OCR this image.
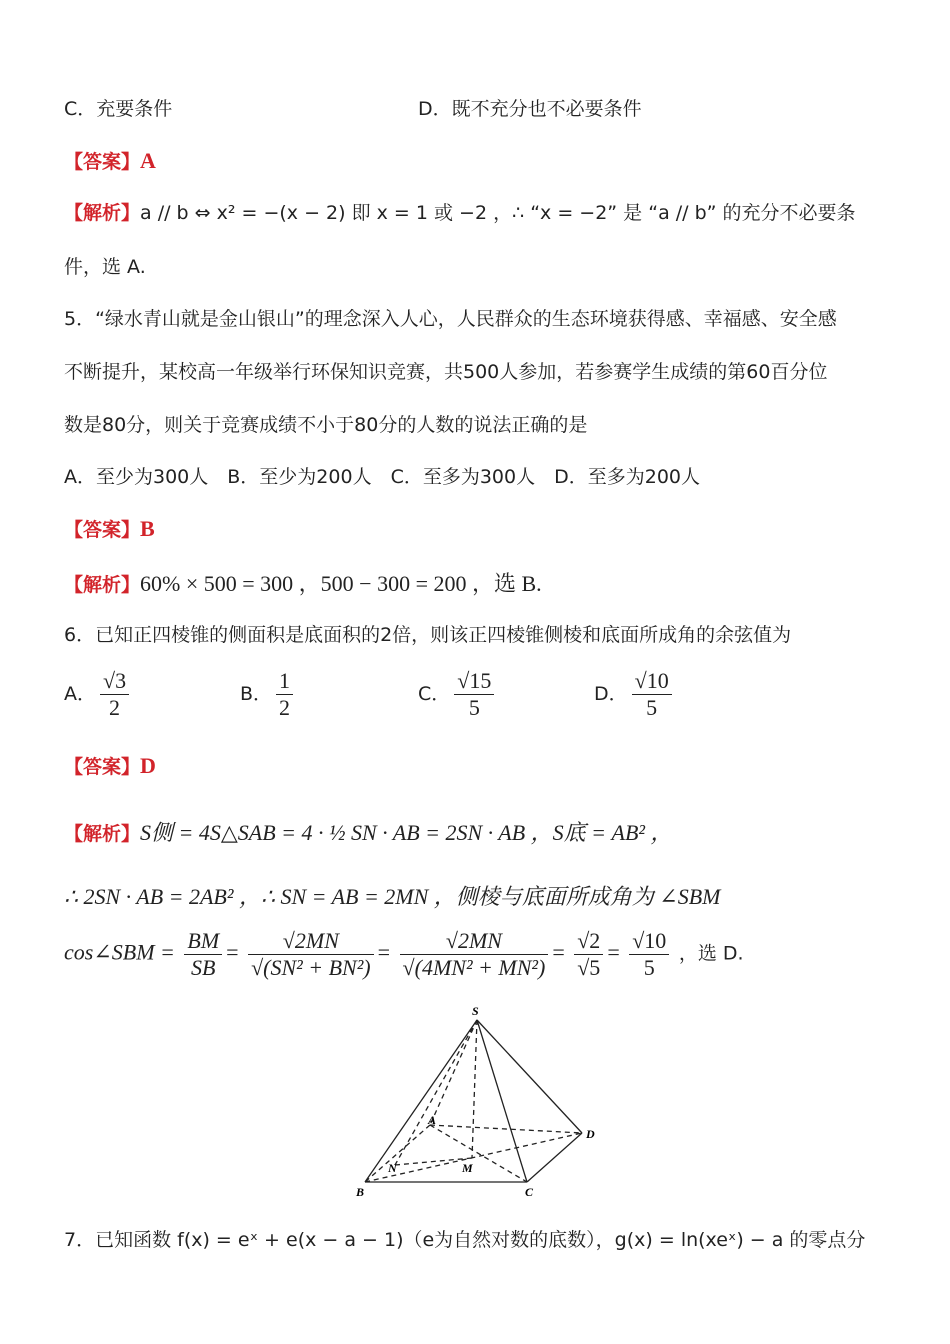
C．充要条件	D．既不充分也不必要条件
【答案】A
【解析】a // b ⇔ x² = −(x − 2) 即 x = 1 或 −2 ，∴ “x = −2” 是 “a // b” 的充分不必要条
件，选 A.
5．“绿水青山就是金山银山”的理念深入人心，人民群众的生态环境获得感、幸福感、安全感
不断提升，某校高一年级举行环保知识竞赛，共500人参加，若参赛学生成绩的第60百分位
数是80分，则关于竞赛成绩不小于80分的人数的说法正确的是
A．至少为300人　B．至少为200人　C．至多为300人　D．至多为200人
【答案】B
【解析】60% × 500 = 300 ，500 − 300 = 200 ，选 B.
6．已知正四棱锥的侧面积是底面积的2倍，则该正四棱锥侧棱和底面所成角的余弦值为
A． $\frac{√3}{2}$	B． $\frac{1}{2}$	C． $\frac{√15}{5}$	D． $\frac{√10}{5}$
【答案】D
【解析】S侧 = 4S△SAB = 4 · ½ SN · AB = 2SN · AB ，S底 = AB² ，
∴ 2SN · AB = 2AB² ，∴ SN = AB = 2MN ，侧棱与底面所成角为 ∠SBM
cos∠SBM = $\frac{BM}{SB} = \frac{√2MN}{\text{√(SN² + BN²)}} = \frac{√2MN}{\text{√(4MN² + MN²)}} = \frac{√2}{√5} = \frac{√10}{5}$ ，选 D.
S
A
D
B	C
N	M
7．已知函数 f(x) = eˣ + e(x − a − 1)（e为自然对数的底数），g(x) = ln(xeˣ) − a 的零点分
